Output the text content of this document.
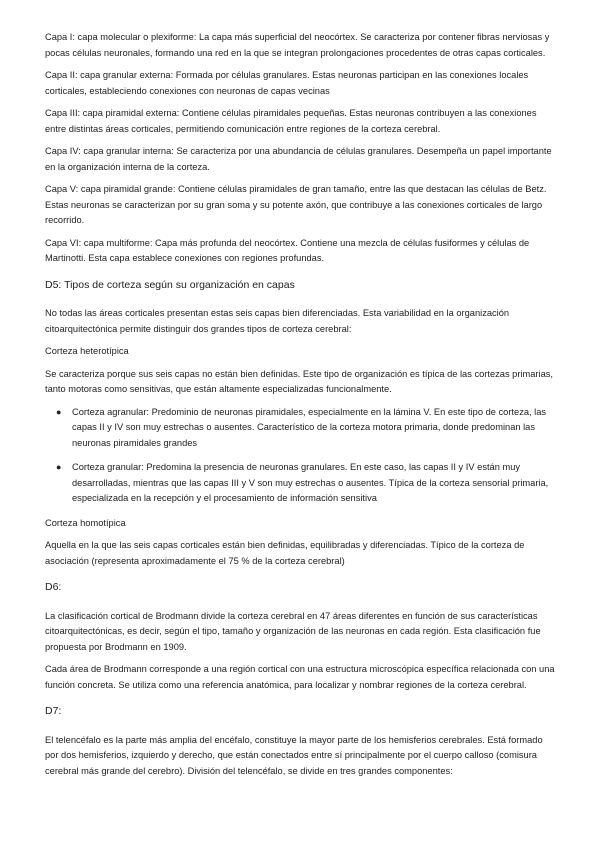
Capa I: capa molecular o plexiforme: La capa más superficial del neocórtex. Se caracteriza por contener fibras nerviosas y pocas células neuronales, formando una red en la que se integran prolongaciones procedentes de otras capas corticales.

Capa II: capa granular externa: Formada por células granulares. Estas neuronas participan en las conexiones locales corticales, estableciendo conexiones con neuronas de capas vecinas

Capa III: capa piramidal externa: Contiene células piramidales pequeñas. Estas neuronas contribuyen a las conexiones entre distintas áreas corticales, permitiendo comunicación entre regiones de la corteza cerebral.

Capa IV: capa granular interna: Se caracteriza por una abundancia de células granulares. Desempeña un papel importante en la organización interna de la corteza.

Capa V: capa piramidal grande: Contiene células piramidales de gran tamaño, entre las que destacan las células de Betz. Estas neuronas se caracterizan por su gran soma y su potente axón, que contribuye a las conexiones corticales de largo recorrido.

Capa VI: capa multiforme: Capa más profunda del neocórtex. Contiene una mezcla de células fusiformes y células de Martinotti. Esta capa establece conexiones con regiones profundas.

D5: Tipos de corteza según su organización en capas

No todas las áreas corticales presentan estas seis capas bien diferenciadas. Esta variabilidad en la organización citoarquitectónica permite distinguir dos grandes tipos de corteza cerebral:

Corteza heterotípica

Se caracteriza porque sus seis capas no están bien definidas. Este tipo de organización es típica de las cortezas primarias, tanto motoras como sensitivas, que están altamente especializadas funcionalmente.

● Corteza agranular: Predominio de neuronas piramidales, especialmente en la lámina V. En este tipo de corteza, las capas II y IV son muy estrechas o ausentes. Característico de la corteza motora primaria, donde predominan las neuronas piramidales grandes
● Corteza granular: Predomina la presencia de neuronas granulares. En este caso, las capas II y IV están muy desarrolladas, mientras que las capas III y V son muy estrechas o ausentes. Típica de la corteza sensorial primaria, especializada en la recepción y el procesamiento de información sensitiva

Corteza homotípica

Aquella en la que las seis capas corticales están bien definidas, equilibradas y diferenciadas. Típico de la corteza de asociación (representa aproximadamente el 75 % de la corteza cerebral)

D6:

La clasificación cortical de Brodmann divide la corteza cerebral en 47 áreas diferentes en función de sus características citoarquitectónicas, es decir, según el tipo, tamaño y organización de las neuronas en cada región. Esta clasificación fue propuesta por Brodmann en 1909.

Cada área de Brodmann corresponde a una región cortical con una estructura microscópica específica relacionada con una función concreta. Se utiliza como una referencia anatómica, para localizar y nombrar regiones de la corteza cerebral.

D7:

El telencéfalo es la parte más amplia del encéfalo, constituye la mayor parte de los hemisferios cerebrales. Está formado por dos hemisferios, izquierdo y derecho, que están conectados entre sí principalmente por el cuerpo calloso (comisura cerebral más grande del cerebro). División del telencéfalo, se divide en tres grandes componentes:
